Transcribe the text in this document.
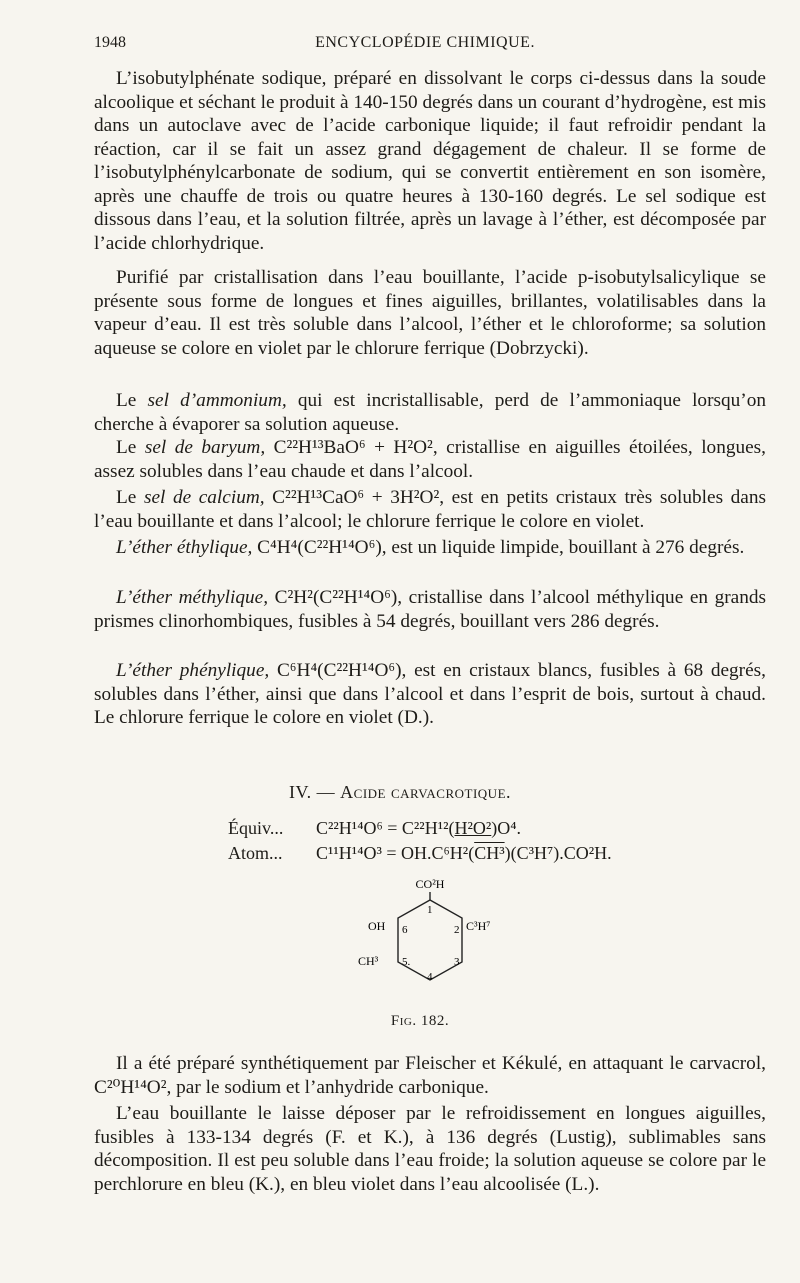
1948	ENCYCLOPÉDIE CHIMIQUE.

L’isobutylphénate sodique, préparé en dissolvant le corps ci-dessus dans la soude alcoolique et séchant le produit à 140-150 degrés dans un courant d’hydrogène, est mis dans un autoclave avec de l’acide carbonique liquide; il faut refroidir pendant la réaction, car il se fait un assez grand dégagement de chaleur. Il se forme de l’isobutylphénylcarbonate de sodium, qui se convertit entièrement en son isomère, après une chauffe de trois ou quatre heures à 130-160 degrés. Le sel sodique est dissous dans l’eau, et la solution filtrée, après un lavage à l’éther, est décomposée par l’acide chlorhydrique.

Purifié par cristallisation dans l’eau bouillante, l’acide p-isobutylsalicylique se présente sous forme de longues et fines aiguilles, brillantes, volatilisables dans la vapeur d’eau. Il est très soluble dans l’alcool, l’éther et le chloroforme; sa solution aqueuse se colore en violet par le chlorure ferrique (Dobrzycki).

Le sel d’ammonium, qui est incristallisable, perd de l’ammoniaque lorsqu’on cherche à évaporer sa solution aqueuse.

Le sel de baryum, C²²H¹³BaO⁶ + H²O², cristallise en aiguilles étoilées, longues, assez solubles dans l’eau chaude et dans l’alcool.

Le sel de calcium, C²²H¹³CaO⁶ + 3H²O², est en petits cristaux très solubles dans l’eau bouillante et dans l’alcool; le chlorure ferrique le colore en violet.

L’éther éthylique, C⁴H⁴(C²²H¹⁴O⁶), est un liquide limpide, bouillant à 276 degrés.

L’éther méthylique, C²H²(C²²H¹⁴O⁶), cristallise dans l’alcool méthylique en grands prismes clinorhombiques, fusibles à 54 degrés, bouillant vers 286 degrés.

L’éther phénylique, C⁶H⁴(C²²H¹⁴O⁶), est en cristaux blancs, fusibles à 68 degrés, solubles dans l’éther, ainsi que dans l’alcool et dans l’esprit de bois, surtout à chaud. Le chlorure ferrique le colore en violet (D.).

IV. — Acide carvacrotique.
Équiv... C²²H¹⁴O⁶ = C²²H¹²(H²O²)O⁴.
Atom... C¹¹H¹⁴O³ = OH.C⁶H²(CH³)(C³H⁷).CO²H.
CO²H
OH
CH³
C³H⁷
1
2
3
4
5.
6
Fig. 182.

Il a été préparé synthétiquement par Fleischer et Kékulé, en attaquant le carvacrol, C²⁰H¹⁴O², par le sodium et l’anhydride carbonique.

L’eau bouillante le laisse déposer par le refroidissement en longues aiguilles, fusibles à 133-134 degrés (F. et K.), à 136 degrés (Lustig), sublimables sans décomposition. Il est peu soluble dans l’eau froide; la solution aqueuse se colore par le perchlorure en bleu (K.), en bleu violet dans l’eau alcoolisée (L.).
